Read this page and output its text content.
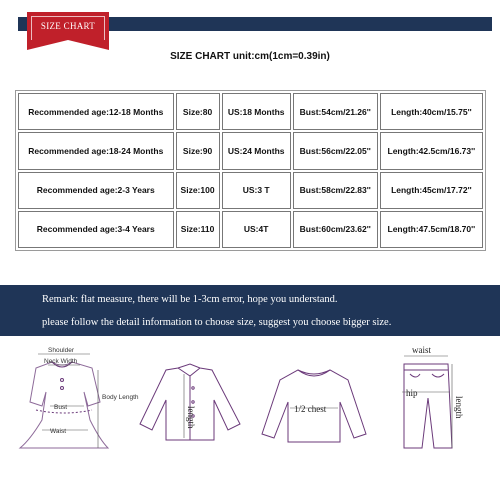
SIZE CHART
SIZE CHART unit:cm(1cm=0.39in)
Recommended age:12-18 Months	Size:80	US:18 Months	Bust:54cm/21.26''	Length:40cm/15.75''
Recommended age:18-24 Months	Size:90	US:24 Months	Bust:56cm/22.05''	Length:42.5cm/16.73''
Recommended age:2-3 Years	Size:100	US:3 T	Bust:58cm/22.83''	Length:45cm/17.72''
Recommended age:3-4 Years	Size:110	US:4T	Bust:60cm/23.62''	Length:47.5cm/18.70''
Remark: flat measure, there will be 1-3cm error, hope you understand.
please follow the detail information to choose size, suggest you choose bigger size.
Shoulder
Neck Width
Body Length
Bust
Waist
length	1/2 chest
waist
hip
length
